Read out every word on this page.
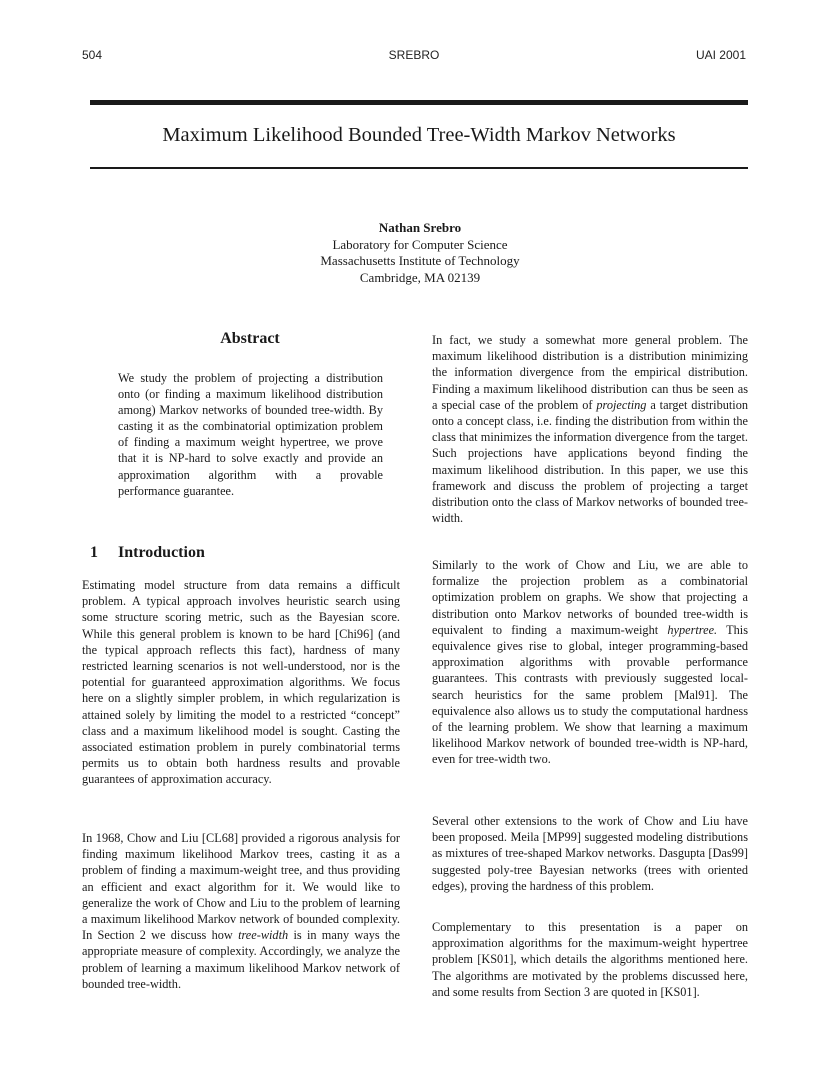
504	SREBRO	UAI 2001
Maximum Likelihood Bounded Tree-Width Markov Networks
Nathan Srebro
Laboratory for Computer Science
Massachusetts Institute of Technology
Cambridge, MA 02139
Abstract
We study the problem of projecting a distribution onto (or finding a maximum likelihood distribution among) Markov networks of bounded tree-width. By casting it as the combinatorial optimization problem of finding a maximum weight hypertree, we prove that it is NP-hard to solve exactly and provide an approximation algorithm with a provable performance guarantee.
1 Introduction

Estimating model structure from data remains a difficult problem. A typical approach involves heuristic search using some structure scoring metric, such as the Bayesian score. While this general problem is known to be hard [Chi96] (and the typical approach reflects this fact), hardness of many restricted learning scenarios is not well-understood, nor is the potential for guaranteed approximation algorithms. We focus here on a slightly simpler problem, in which regularization is attained solely by limiting the model to a restricted “concept” class and a maximum likelihood model is sought. Casting the associated estimation problem in purely combinatorial terms permits us to obtain both hardness results and provable guarantees of approximation accuracy.

In 1968, Chow and Liu [CL68] provided a rigorous analysis for finding maximum likelihood Markov trees, casting it as a problem of finding a maximum-weight tree, and thus providing an efficient and exact algorithm for it. We would like to generalize the work of Chow and Liu to the problem of learning a maximum likelihood Markov network of bounded complexity. In Section 2 we discuss how tree-width is in many ways the appropriate measure of complexity. Accordingly, we analyze the problem of learning a maximum likelihood Markov network of bounded tree-width.

In fact, we study a somewhat more general problem. The maximum likelihood distribution is a distribution minimizing the information divergence from the empirical distribution. Finding a maximum likelihood distribution can thus be seen as a special case of the problem of projecting a target distribution onto a concept class, i.e. finding the distribution from within the class that minimizes the information divergence from the target. Such projections have applications beyond finding the maximum likelihood distribution. In this paper, we use this framework and discuss the problem of projecting a target distribution onto the class of Markov networks of bounded tree-width.

Similarly to the work of Chow and Liu, we are able to formalize the projection problem as a combinatorial optimization problem on graphs. We show that projecting a distribution onto Markov networks of bounded tree-width is equivalent to finding a maximum-weight hypertree. This equivalence gives rise to global, integer programming-based approximation algorithms with provable performance guarantees. This contrasts with previously suggested local-search heuristics for the same problem [Mal91]. The equivalence also allows us to study the computational hardness of the learning problem. We show that learning a maximum likelihood Markov network of bounded tree-width is NP-hard, even for tree-width two.

Several other extensions to the work of Chow and Liu have been proposed. Meila [MP99] suggested modeling distributions as mixtures of tree-shaped Markov networks. Dasgupta [Das99] suggested poly-tree Bayesian networks (trees with oriented edges), proving the hardness of this problem.

Complementary to this presentation is a paper on approximation algorithms for the maximum-weight hypertree problem [KS01], which details the algorithms mentioned here. The algorithms are motivated by the problems discussed here, and some results from Section 3 are quoted in [KS01].
